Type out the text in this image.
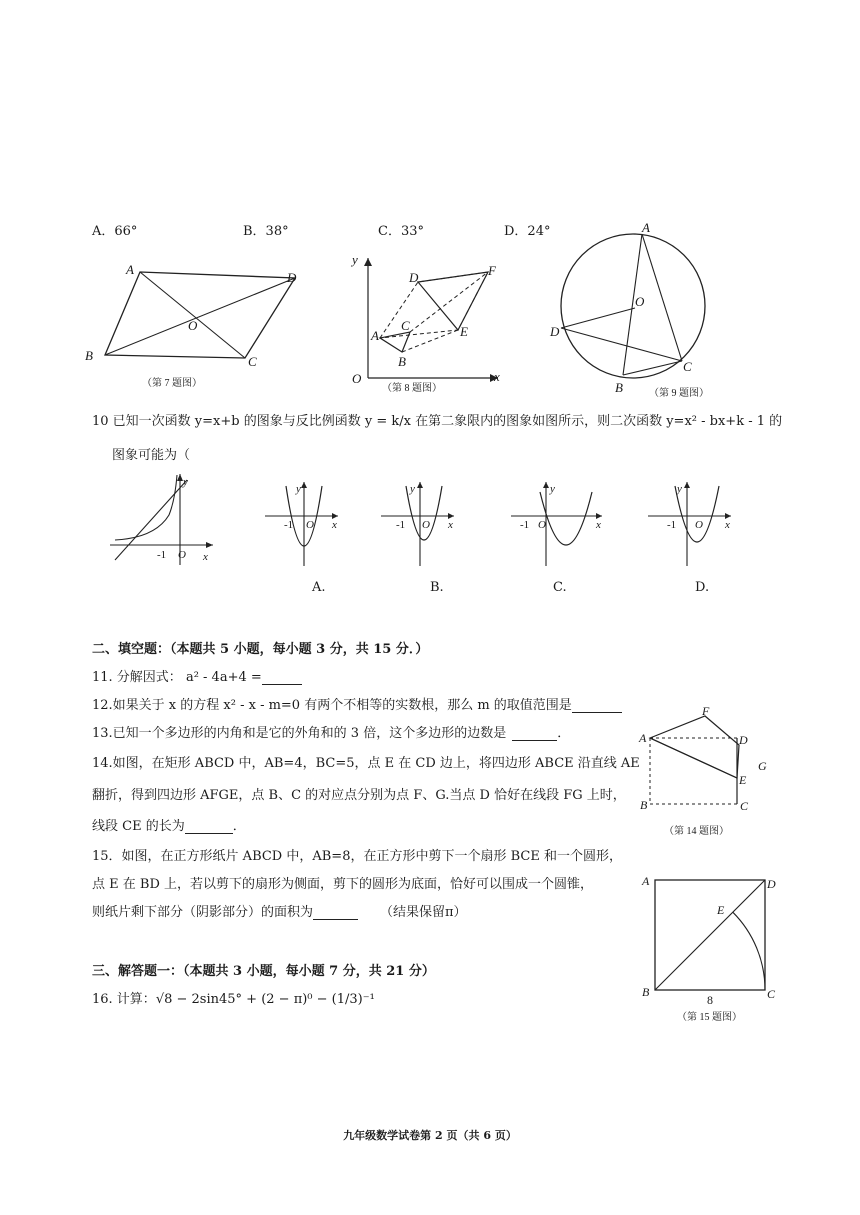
A．66°	B．38°	C．33°	D．24°
A
D
O
B	C
（第 7 题图）
y
D	F
A
C	E
B
O	x
（第 8 题图）
A
O
D
B
C
（第 9 题图）
10 已知一次函数 y=x+b 的图象与反比例函数 y = k/x 在第二象限内的图象如图所示，则二次函数 y=x² - bx+k - 1 的
图象可能为（
y
x
-1 O
y
x
-1 O
y
x
-1 O
y
x
-1 O
y
x
-1 O
A.	B.	C.	D.
二、填空题：（本题共 5 小题，每小题 3 分，共 15 分．）
11. 分解因式： a² - 4a+4 =
12.如果关于 x 的方程 x² - x - m=0 有两个不相等的实数根，那么 m 的取值范围是
13.已知一个多边形的内角和是它的外角和的 3 倍，这个多边形的边数是	．
14.如图，在矩形 ABCD 中，AB=4，BC=5，点 E 在 CD 边上，将四边形 ABCE 沿直线 AE
翻折，得到四边形 AFGE，点 B、C 的对应点分别为点 F、G.当点 D 恰好在线段 FG 上时，
线段 CE 的长为	．
15．如图，在正方形纸片 ABCD 中，AB=8，在正方形中剪下一个扇形 BCE 和一个圆形，
点 E 在 BD 上，若以剪下的扇形为侧面，剪下的圆形为底面，恰好可以围成一个圆锥，
则纸片剩下部分（阴影部分）的面积为	（结果保留π）
F
A	D
G
E
B	C
（第 14 题图）
A	D
E
B	C
8
（第 15 题图）
三、解答题一：（本题共 3 小题，每小题 7 分，共 21 分）
16. 计算：√8 − 2sin45° + (2 − π)⁰ − (1/3)⁻¹
九年级数学试卷第 2 页（共 6 页）
